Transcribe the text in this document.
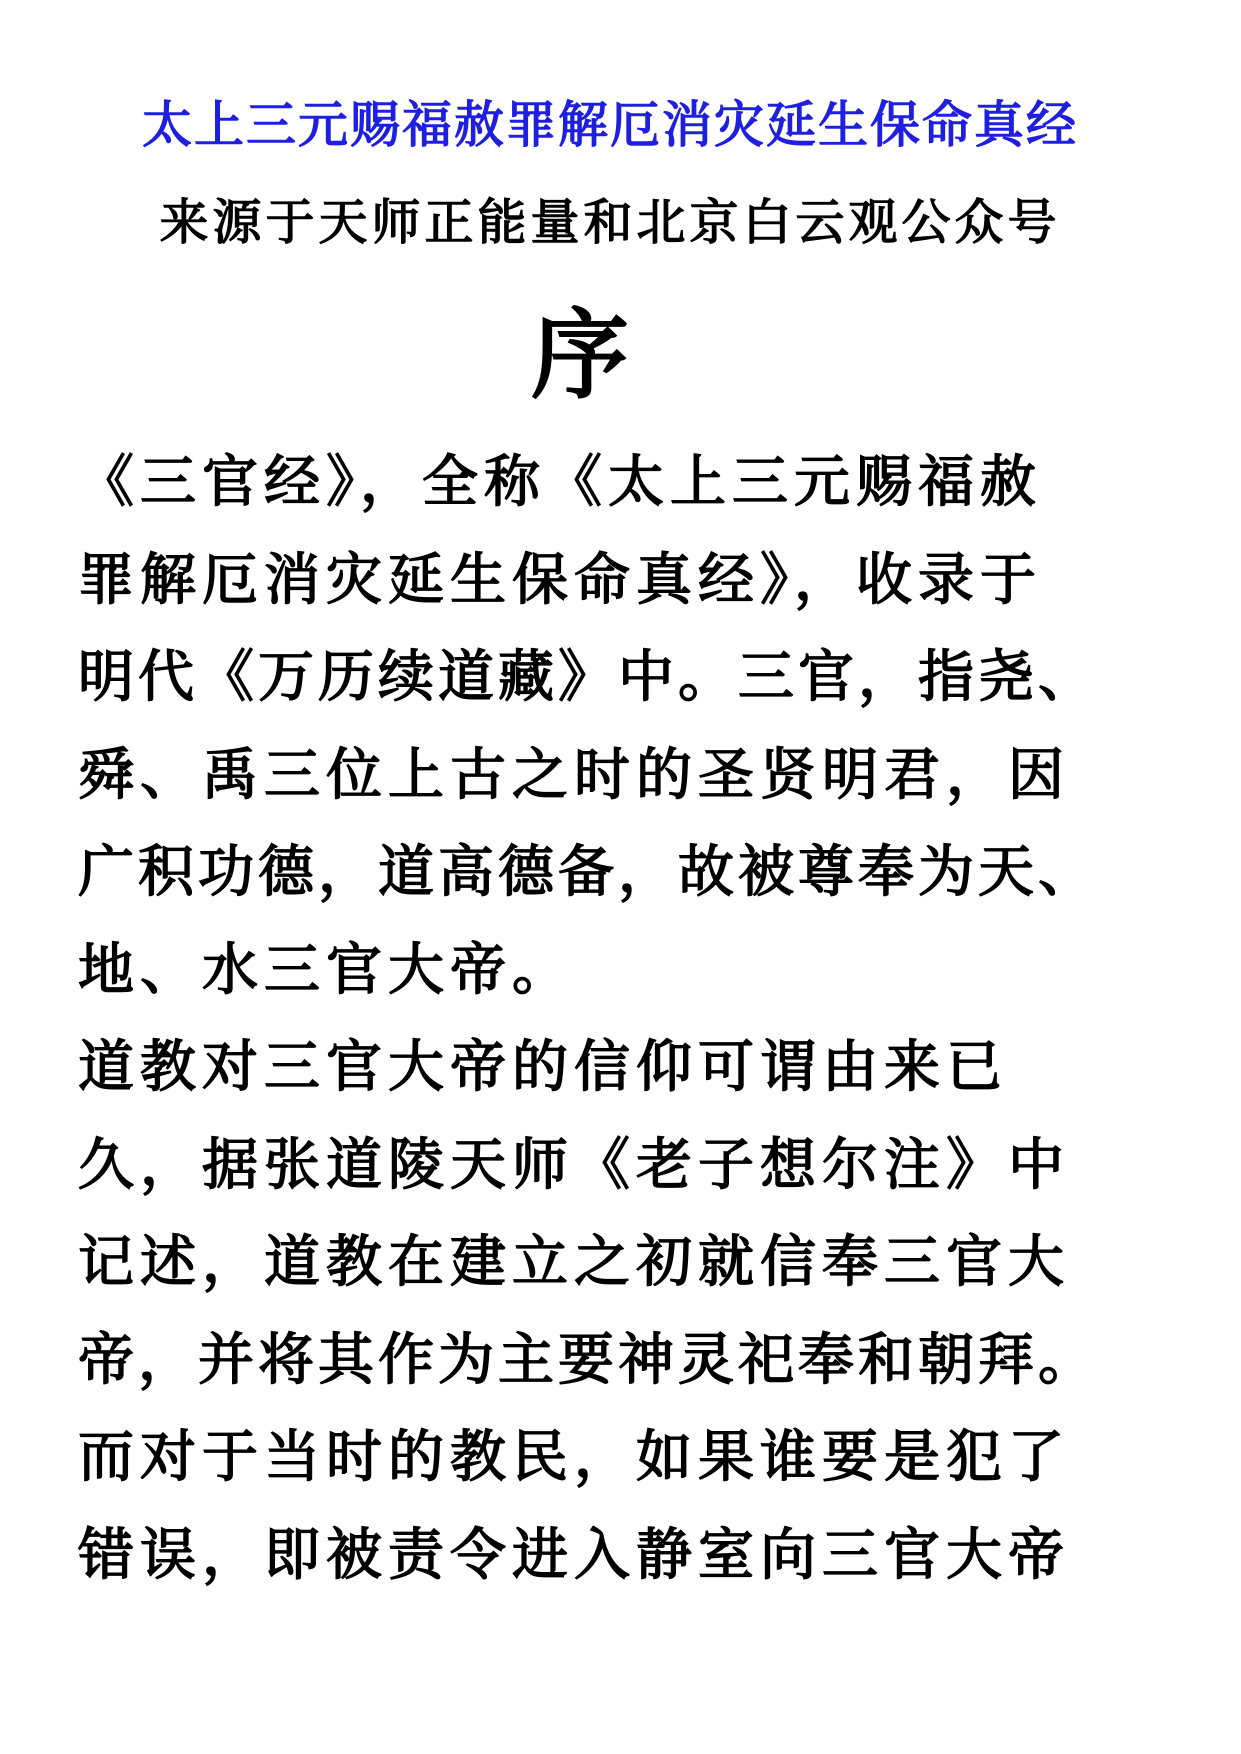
太上三元赐福赦罪解厄消灾延生保命真经
来源于天师正能量和北京白云观公众号
序
《三官经》，全称《太上三元赐福赦
罪解厄消灾延生保命真经》，收录于
明代《万历续道藏》中。三官，指尧、
舜、禹三位上古之时的圣贤明君，因
广积功德，道高德备，故被尊奉为天、
地、水三官大帝。
道教对三官大帝的信仰可谓由来已
久，据张道陵天师《老子想尔注》中
记述，道教在建立之初就信奉三官大
帝，并将其作为主要神灵祀奉和朝拜。
而对于当时的教民，如果谁要是犯了
错误，即被责令进入静室向三官大帝
